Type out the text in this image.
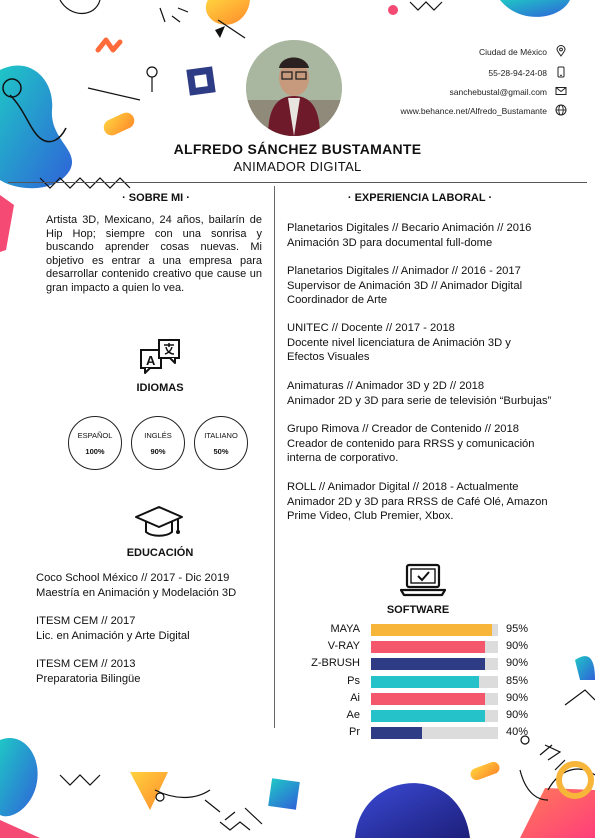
Ciudad de México
55-28-94-24-08
sanchebustal@gmail.com
www.behance.net/Alfredo_Bustamante
ALFREDO SÁNCHEZ BUSTAMANTE
ANIMADOR DIGITAL
· SOBRE MI ·
Artista 3D, Mexicano, 24 años, bailarín de Hip Hop; siempre con una sonrisa y buscando aprender cosas nuevas. Mi objetivo es entrar a una empresa para desarrollar contenido creativo que cause un gran impacto a quien lo vea.
A
IDIOMAS
ESPAÑOL
100%
INGLÉS
90%
ITALIANO
50%
EDUCACIÓN
Coco School México // 2017 - Dic 2019
Maestría en Animación y Modelación 3D
ITESM CEM // 2017
Lic. en Animación y Arte Digital
ITESM CEM // 2013
Preparatoria Bilingüe
· EXPERIENCIA LABORAL ·
Planetarios Digitales // Becario Animación // 2016
Animación 3D para documental full-dome
Planetarios Digitales // Animador // 2016 - 2017
Supervisor de Animación 3D // Animador Digital
Coordinador de Arte
UNITEC // Docente // 2017 - 2018
Docente nivel licenciatura de Animación 3D y
Efectos Visuales
Animaturas // Animador 3D y 2D // 2018
Animador 2D y 3D para serie de televisión “Burbujas”
Grupo Rimova // Creador de Contenido // 2018
Creador de contenido para RRSS y comunicación
interna de corporativo.
ROLL // Animador Digital // 2018 - Actualmente
Animador 2D y 3D para RRSS de Café Olé, Amazon
Prime Video, Club Premier, Xbox.
SOFTWARE
MAYA	95%
V-RAY	90%
Z-BRUSH	90%
Ps	85%
Ai	90%
Ae	90%
Pr	40%
